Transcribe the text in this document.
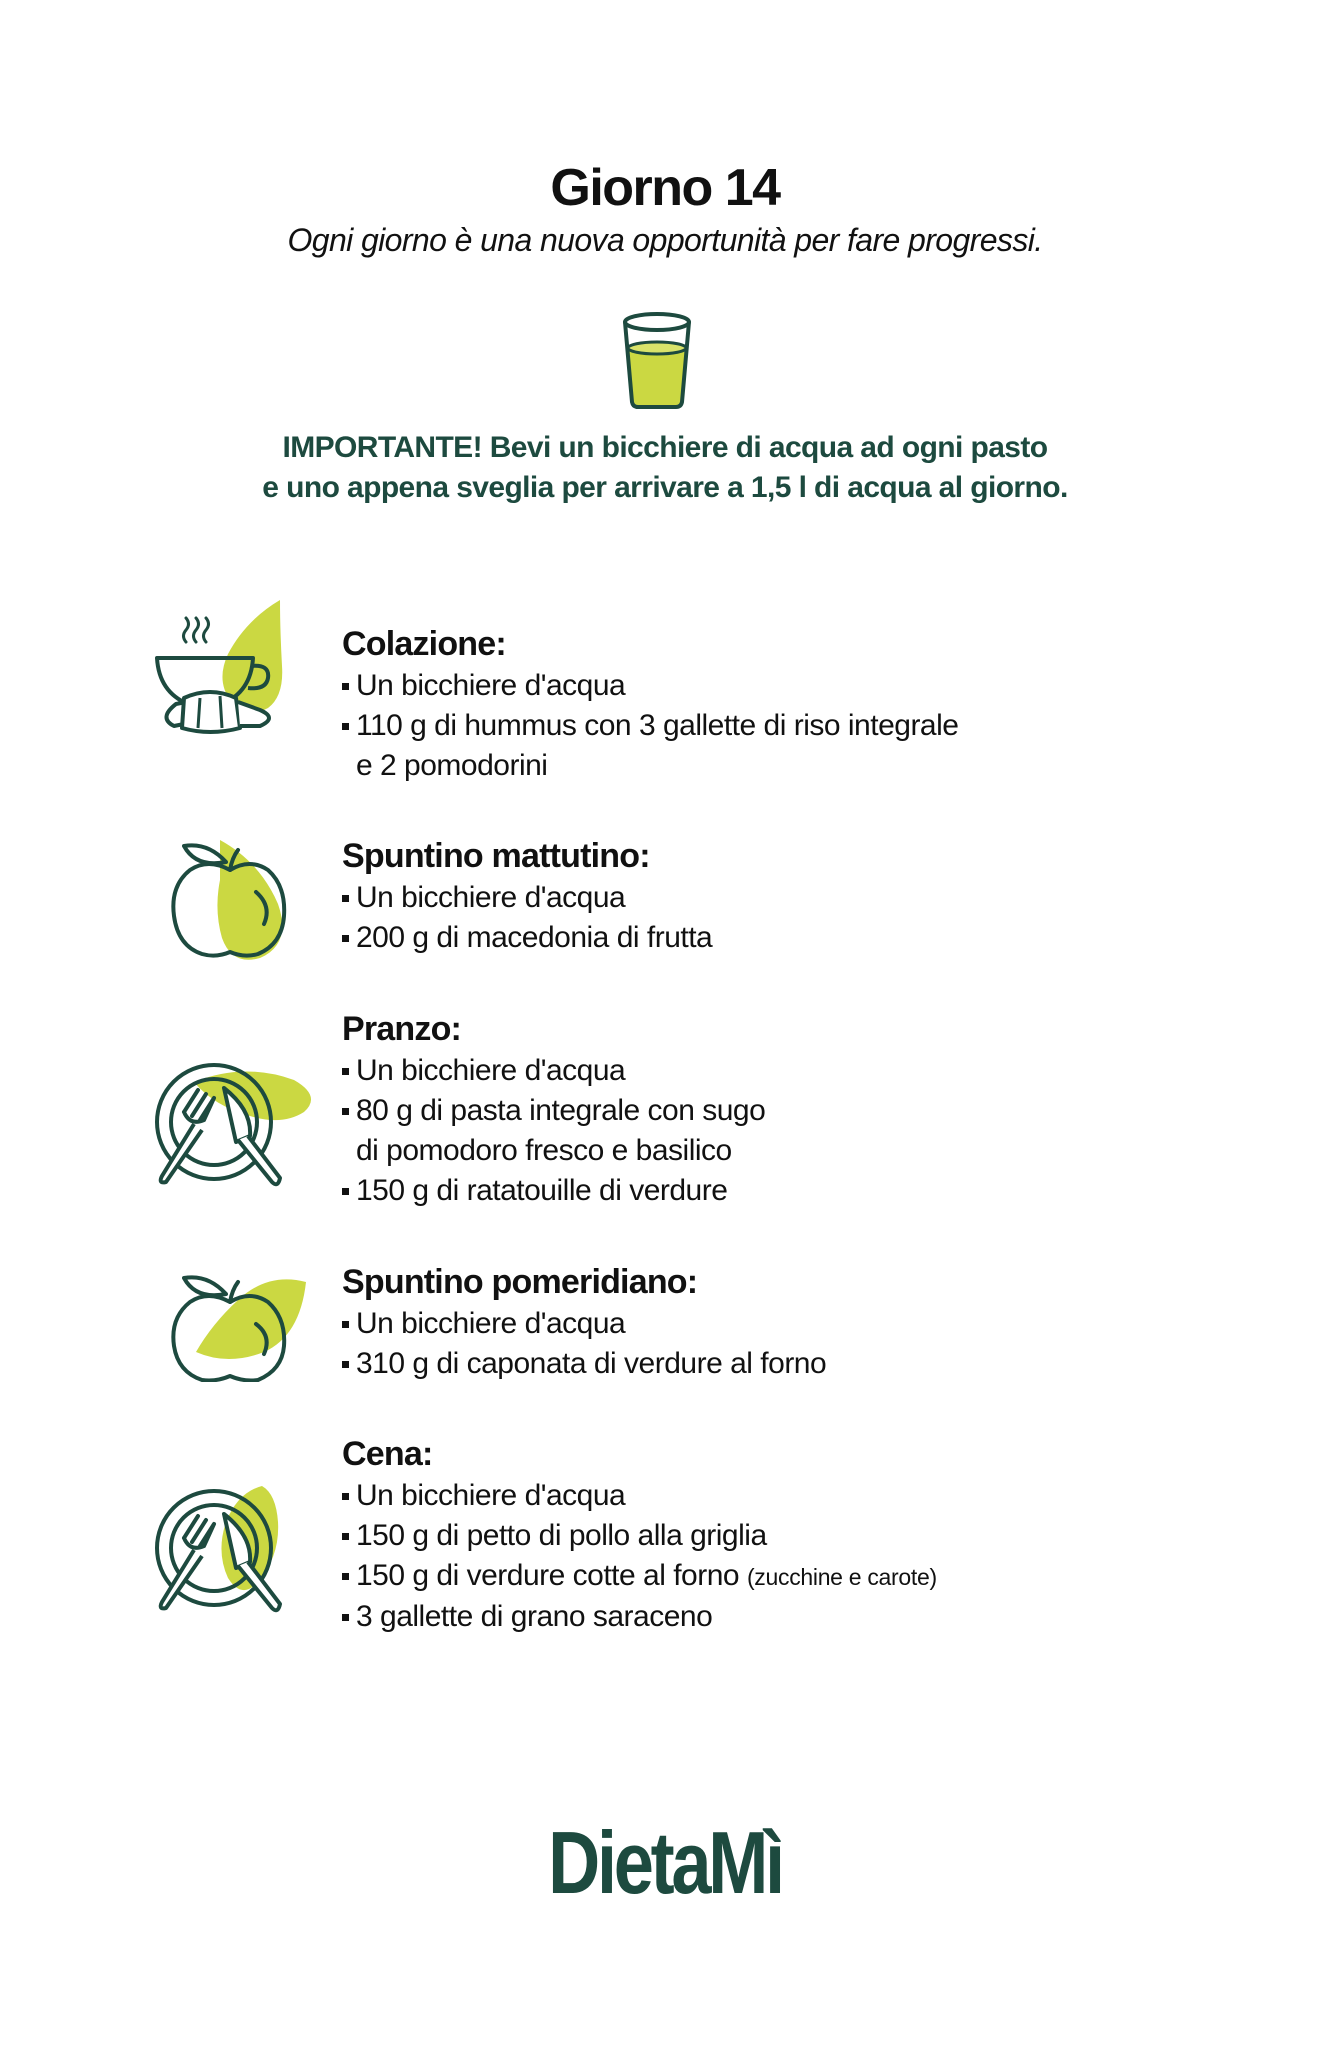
Giorno 14
Ogni giorno è una nuova opportunità per fare progressi.
IMPORTANTE! Bevi un bicchiere di acqua ad ogni pasto
e uno appena sveglia per arrivare a 1,5 l di acqua al giorno.
Colazione:
Un bicchiere d'acqua
110 g di hummus con 3 gallette di riso integrale
e 2 pomodorini
Spuntino mattutino:
Un bicchiere d'acqua
200 g di macedonia di frutta
Pranzo:
Un bicchiere d'acqua
80 g di pasta integrale con sugo
di pomodoro fresco e basilico
150 g di ratatouille di verdure
Spuntino pomeridiano:
Un bicchiere d'acqua
310 g di caponata di verdure al forno
Cena:
Un bicchiere d'acqua
150 g di petto di pollo alla griglia
150 g di verdure cotte al forno (zucchine e carote)
3 gallette di grano saraceno
DietaMì
